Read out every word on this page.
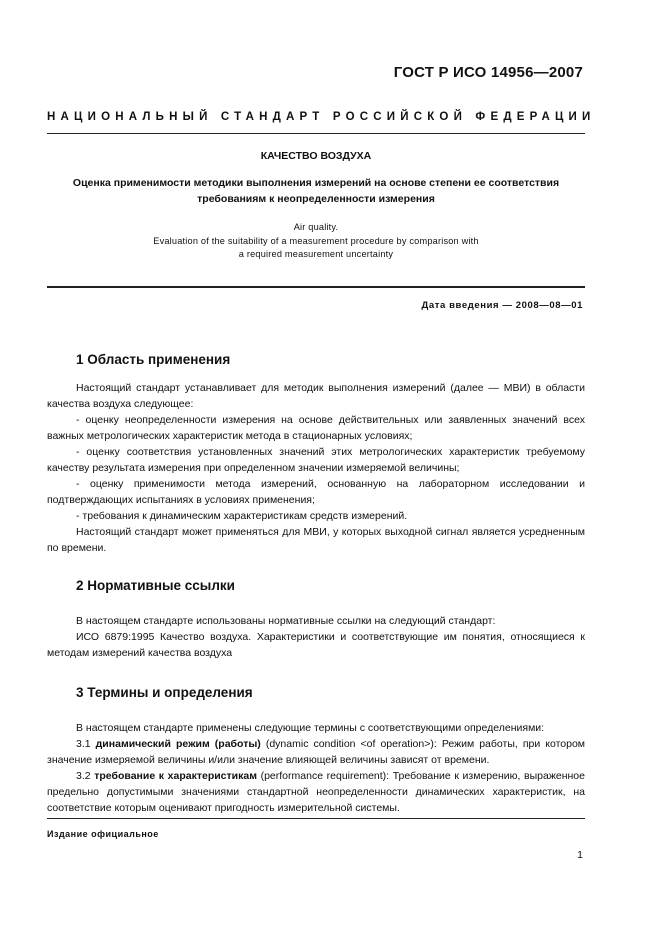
ГОСТ Р ИСО 14956—2007
НАЦИОНАЛЬНЫЙ СТАНДАРТ РОССИЙСКОЙ ФЕДЕРАЦИИ
КАЧЕСТВО ВОЗДУХА
Оценка применимости методики выполнения измерений на основе степени ее соответствия
требованиям к неопределенности измерения
Air quality.
Evaluation of the suitability of a measurement procedure by comparison with
a required measurement uncertainty
Дата введения — 2008—08—01
1 Область применения

Настоящий стандарт устанавливает для методик выполнения измерений (далее — МВИ) в области качества воздуха следующее:

- оценку неопределенности измерения на основе действительных или заявленных значений всех важных метрологических характеристик метода в стационарных условиях;

- оценку соответствия установленных значений этих метрологических характеристик требуемому качеству результата измерения при определенном значении измеряемой величины;

- оценку применимости метода измерений, основанную на лабораторном исследовании и подтверждающих испытаниях в условиях применения;

- требования к динамическим характеристикам средств измерений.

Настоящий стандарт может применяться для МВИ, у которых выходной сигнал является усредненным по времени.

2 Нормативные ссылки

В настоящем стандарте использованы нормативные ссылки на следующий стандарт:

ИСО 6879:1995 Качество воздуха. Характеристики и соответствующие им понятия, относящиеся к методам измерений качества воздуха

3 Термины и определения

В настоящем стандарте применены следующие термины с соответствующими определениями:

3.1 динамический режим (работы) (dynamic condition <of operation>): Режим работы, при котором значение измеряемой величины и/или значение влияющей величины зависят от времени.

3.2 требование к характеристикам (performance requirement): Требование к измерению, выраженное предельно допустимыми значениями стандартной неопределенности динамических характеристик, на соответствие которым оценивают пригодность измерительной системы.

Издание официальное
1
